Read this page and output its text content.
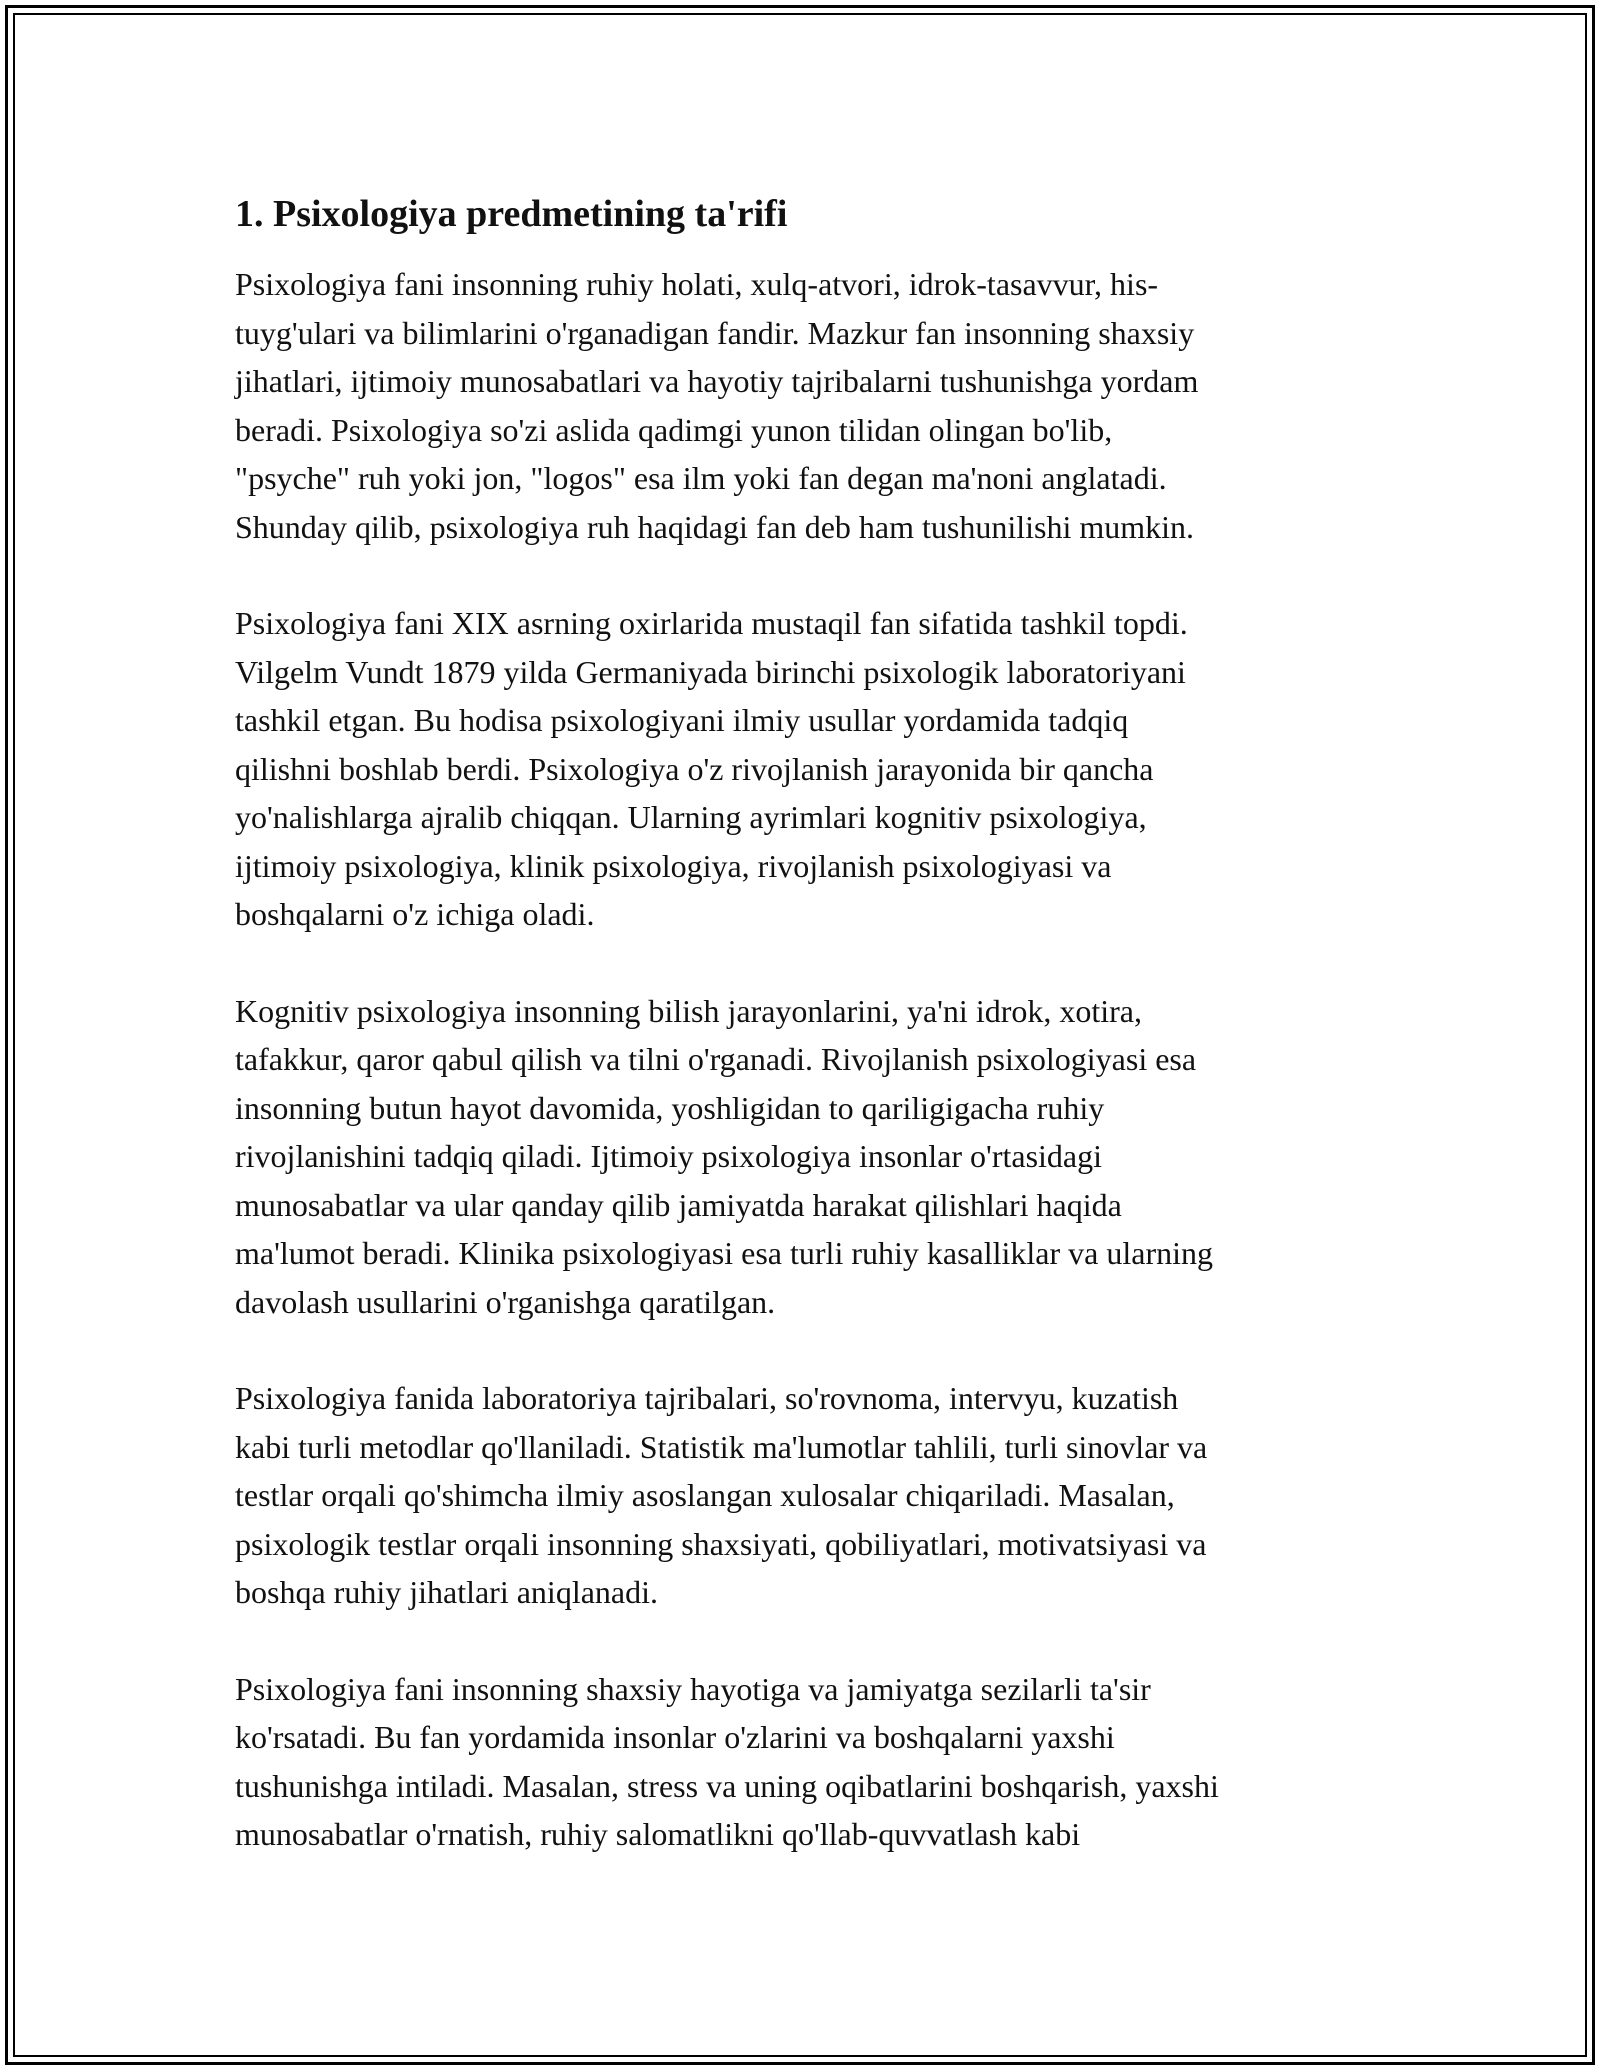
1. Psixologiya predmetining ta'rifi
Psixologiya fani insonning ruhiy holati, xulq-atvori, idrok-tasavvur, his-
tuyg'ulari va bilimlarini o'rganadigan fandir. Mazkur fan insonning shaxsiy
jihatlari, ijtimoiy munosabatlari va hayotiy tajribalarni tushunishga yordam
beradi. Psixologiya so'zi aslida qadimgi yunon tilidan olingan bo'lib,
"psyche" ruh yoki jon, "logos" esa ilm yoki fan degan ma'noni anglatadi.
Shunday qilib, psixologiya ruh haqidagi fan deb ham tushunilishi mumkin.
Psixologiya fani XIX asrning oxirlarida mustaqil fan sifatida tashkil topdi.
Vilgelm Vundt 1879 yilda Germaniyada birinchi psixologik laboratoriyani
tashkil etgan. Bu hodisa psixologiyani ilmiy usullar yordamida tadqiq
qilishni boshlab berdi. Psixologiya o'z rivojlanish jarayonida bir qancha
yo'nalishlarga ajralib chiqqan. Ularning ayrimlari kognitiv psixologiya,
ijtimoiy psixologiya, klinik psixologiya, rivojlanish psixologiyasi va
boshqalarni o'z ichiga oladi.
Kognitiv psixologiya insonning bilish jarayonlarini, ya'ni idrok, xotira,
tafakkur, qaror qabul qilish va tilni o'rganadi. Rivojlanish psixologiyasi esa
insonning butun hayot davomida, yoshligidan to qariligigacha ruhiy
rivojlanishini tadqiq qiladi. Ijtimoiy psixologiya insonlar o'rtasidagi
munosabatlar va ular qanday qilib jamiyatda harakat qilishlari haqida
ma'lumot beradi. Klinika psixologiyasi esa turli ruhiy kasalliklar va ularning
davolash usullarini o'rganishga qaratilgan.
Psixologiya fanida laboratoriya tajribalari, so'rovnoma, intervyu, kuzatish
kabi turli metodlar qo'llaniladi. Statistik ma'lumotlar tahlili, turli sinovlar va
testlar orqali qo'shimcha ilmiy asoslangan xulosalar chiqariladi. Masalan,
psixologik testlar orqali insonning shaxsiyati, qobiliyatlari, motivatsiyasi va
boshqa ruhiy jihatlari aniqlanadi.
Psixologiya fani insonning shaxsiy hayotiga va jamiyatga sezilarli ta'sir
ko'rsatadi. Bu fan yordamida insonlar o'zlarini va boshqalarni yaxshi
tushunishga intiladi. Masalan, stress va uning oqibatlarini boshqarish, yaxshi
munosabatlar o'rnatish, ruhiy salomatlikni qo'llab-quvvatlash kabi
